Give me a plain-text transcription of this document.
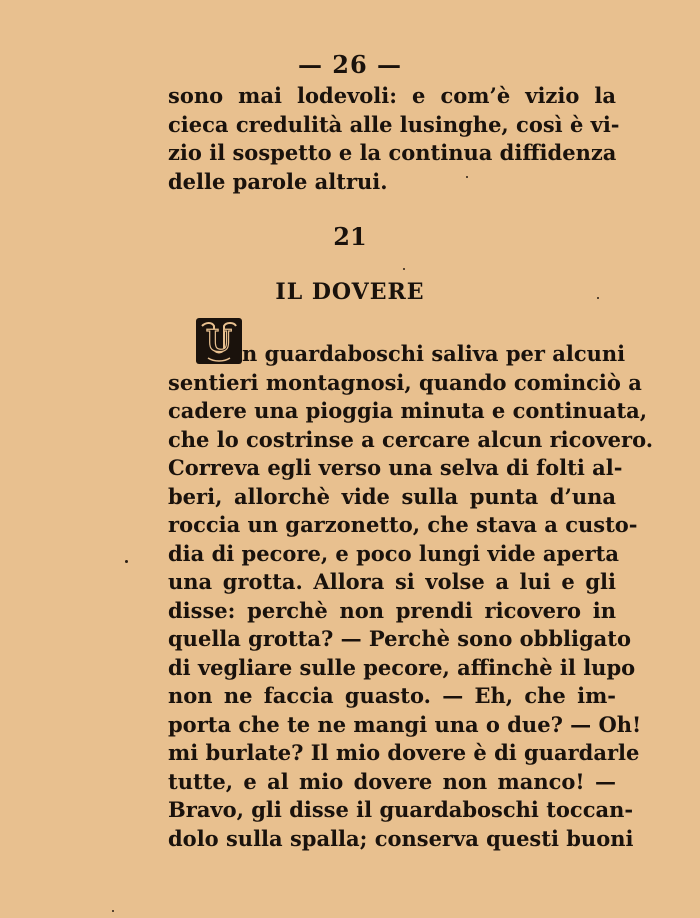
— 26 —
sono mai lodevoli: e com’è vizio la
cieca credulità alle lusinghe, così è vi-
zio il sospetto e la continua diffidenza
delle parole altrui.
21
IL DOVERE
U n guardaboschi saliva per alcuni
sentieri montagnosi, quando cominciò a
cadere una pioggia minuta e continuata,
che lo costrinse a cercare alcun ricovero.
Correva egli verso una selva di folti al-
beri, allorchè vide sulla punta d’una
roccia un garzonetto, che stava a custo-
dia di pecore, e poco lungi vide aperta
una grotta. Allora si volse a lui e gli
disse: perchè non prendi ricovero in
quella grotta? — Perchè sono obbligato
di vegliare sulle pecore, affinchè il lupo
non ne faccia guasto. — Eh, che im-
porta che te ne mangi una o due? — Oh!
mi burlate? Il mio dovere è di guardarle
tutte, e al mio dovere non manco! —
Bravo, gli disse il guardaboschi toccan-
dolo sulla spalla; conserva questi buoni
